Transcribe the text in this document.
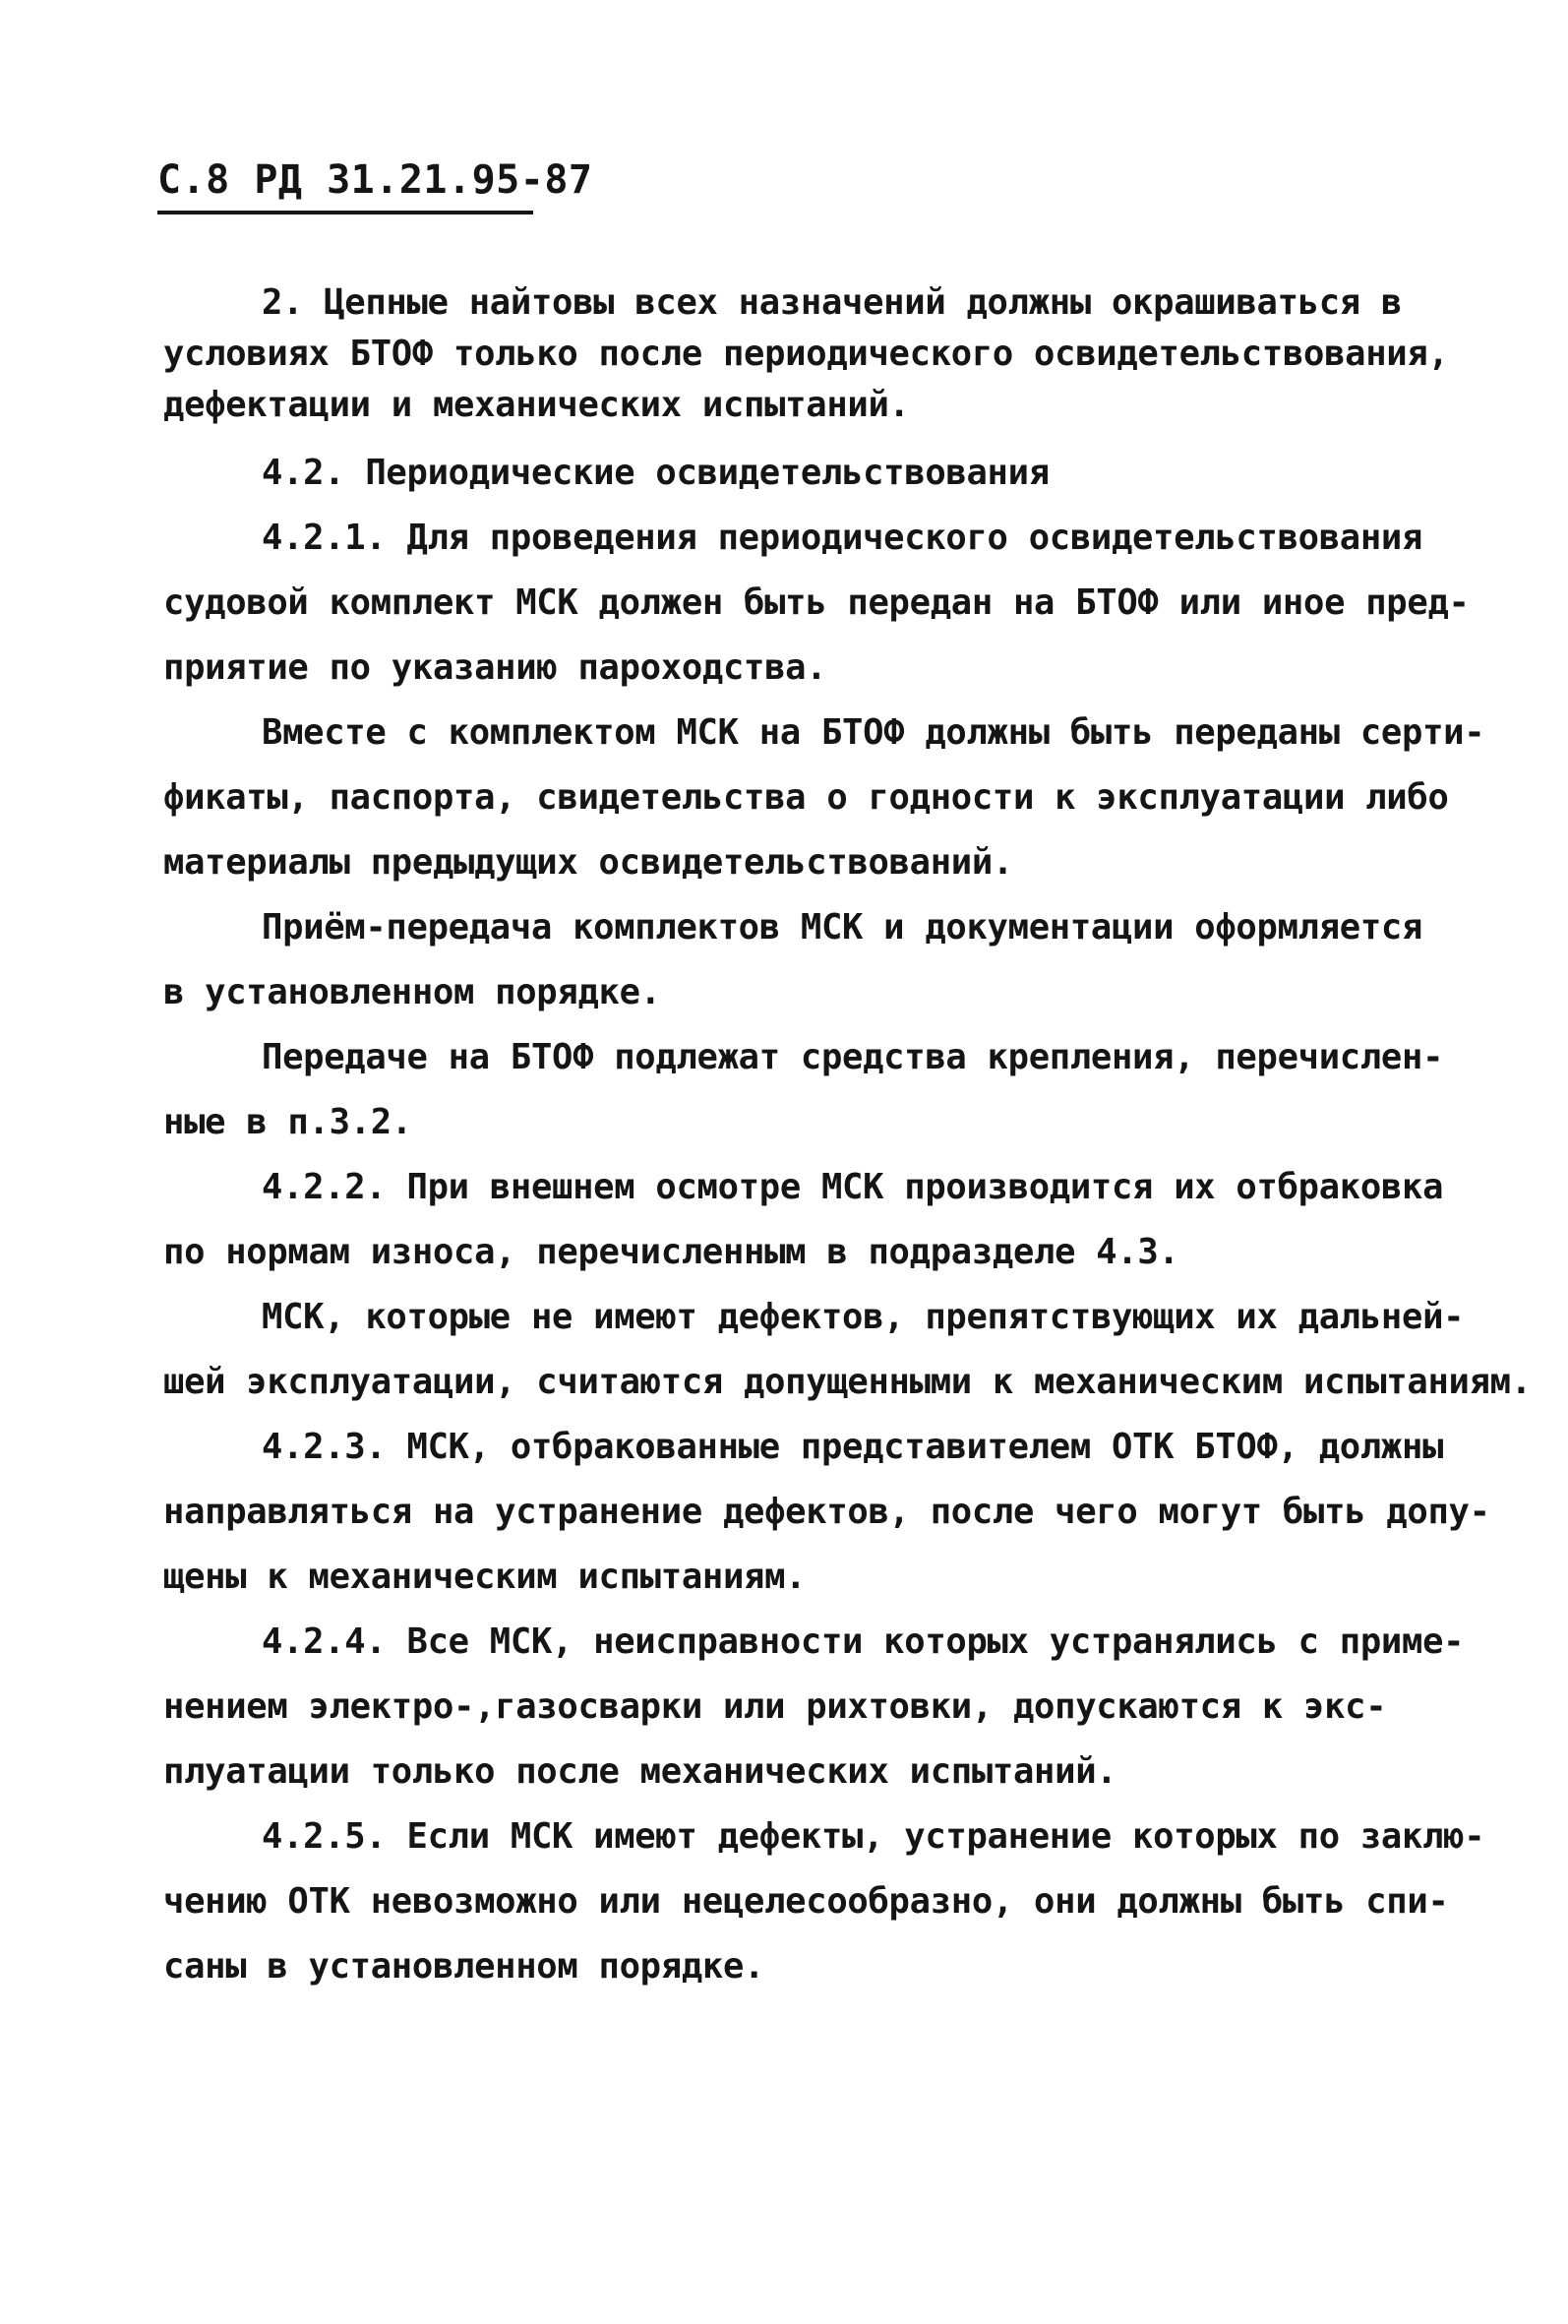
С.8 РД 31.21.95-87

2. Цепные найтовы всех назначений должны окрашиваться в
условиях БТОФ только после периодического освидетельствования,
дефектации и механических испытаний.

4.2. Периодические освидетельствования

4.2.1. Для проведения периодического освидетельствования
судовой комплект МСК должен быть передан на БТОФ или иное пред-
приятие по указанию пароходства.

Вместе с комплектом МСК на БТОФ должны быть переданы серти-
фикаты, паспорта, свидетельства о годности к эксплуатации либо
материалы предыдущих освидетельствований.

Приём-передача комплектов МСК и документации оформляется
в установленном порядке.

Передаче на БТОФ подлежат средства крепления, перечислен-
ные в п.3.2.

4.2.2. При внешнем осмотре МСК производится их отбраковка
по нормам износа, перечисленным в подразделе 4.3.

МСК, которые не имеют дефектов, препятствующих их дальней-
шей эксплуатации, считаются допущенными к механическим испытаниям.

4.2.3. МСК, отбракованные представителем ОТК БТОФ, должны
направляться на устранение дефектов, после чего могут быть допу-
щены к механическим испытаниям.

4.2.4. Все МСК, неисправности которых устранялись с приме-
нением электро-,газосварки или рихтовки, допускаются к экс-
плуатации только после механических испытаний.

4.2.5. Если МСК имеют дефекты, устранение которых по заклю-
чению ОТК невозможно или нецелесообразно, они должны быть спи-
саны в установленном порядке.
